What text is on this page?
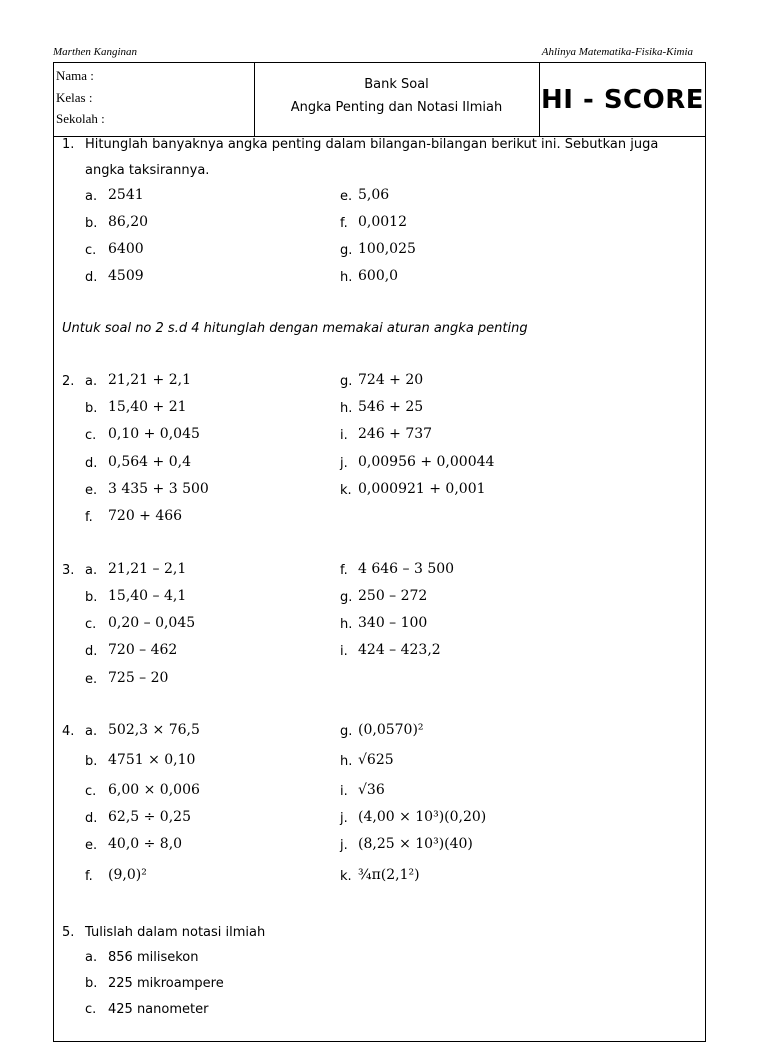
Marthen Kanginan	Ahlinya Matematika-Fisika-Kimia
Nama :
Kelas :
Sekolah :
Bank Soal
Angka Penting dan Notasi Ilmiah	HI - SCORE
1. Hitunglah banyaknya angka penting dalam bilangan-bilangan berikut ini. Sebutkan juga
angka taksirannya.
a. 2541
b. 86,20
c. 6400
d. 4509
e. 5,06
f. 0,0012
g. 100,025
h. 600,0
Untuk soal no 2 s.d 4 hitunglah dengan memakai aturan angka penting
2. a. 21,21 + 2,1
b. 15,40 + 21
c. 0,10 + 0,045
d. 0,564 + 0,4
e. 3 435 + 3 500
f. 720 + 466
g. 724 + 20
h. 546 + 25
i. 246 + 737
j. 0,00956 + 0,00044
k. 0,000921 + 0,001
3. a. 21,21 – 2,1
b. 15,40 – 4,1
c. 0,20 – 0,045
d. 720 – 462
e. 725 – 20
f. 4 646 – 3 500
g. 250 – 272
h. 340 – 100
i. 424 – 423,2
4. a. 502,3 × 76,5
b. 4751 × 0,10
c. 6,00 × 0,006
d. 62,5 ÷ 0,25
e. 40,0 ÷ 8,0
f. (9,0)²
g. (0,0570)²
h. √625
i. √36
j. (4,00 × 10³)(0,20)
j. (8,25 × 10³)(40)
k. ¾π(2,1²)
5. Tulislah dalam notasi ilmiah
a. 856 milisekon
b. 225 mikroampere
c. 425 nanometer
